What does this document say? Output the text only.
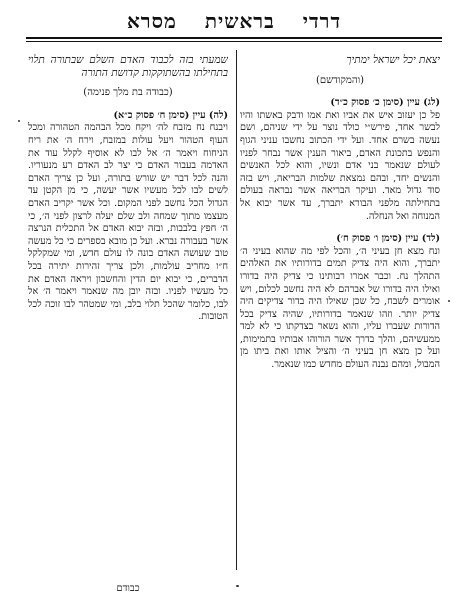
דרדי
בראשית
מסרא
יצאת יכל ישראל ימתיך
(והמקודשם)
(לג) עיין (סימן כ׳ פסוק כ״ד)

פל כן יעזוב איש את אביו ואת אמו ודבק באשתו והיו לבשר אחד, פירש״י כולד נוצר על ידי שניהם, ושם נעשה בשרם אחד. ועל ידי הכתוב נחשבו עניני הגוף והנפש בתכונת האדם, ביאור הענין אשר נבחר לפניו לעולם שנאמר בני אדם ונשיו, והוא לכל האנשים והנשים יחד, ובהם נמצאת שלמות הבריאה, ויש בזה סוד גדול מאד. ועיקר הבריאה אשר נבראה בעולם בתחילתה מלפני הבורא יתברך, עד אשר יבוא אל המנוחה ואל הנחלה.

(לד) עיין (סימן ו׳ פסוק ח׳)

ונח מצא חן בעיני ה׳, והכל לפי מה שהוא בעיני ה׳ יתברך, והוא היה צדיק תמים בדורותיו את האלהים התהלך נח. וכבר אמרו רבותינו כי צדיק היה בדורו ואילו היה בדורו של אברהם לא היה נחשב לכלום, ויש אומרים לשבח, כל שכן שאילו היה בדור צדיקים היה צדיק יותר. וזהו שנאמר בדורותיו, שהיה צדיק בכל הדורות שעברו עליו, והוא נשאר בצדקתו כי לא למד ממעשיהם, והלך בדרך אשר הורוהו אבותיו בתמימות, ועל כן מצא חן בעיני ה׳ והציל אותו ואת ביתו מן המבול, ומהם נבנה העולם מחדש כמו שנאמר.

שמעתי בזה לכבוד האדם השלם שבתורה תלוי בתחילתו בהשתוקקות קדושת התורה
(כבודה בת מלך פנימה)
(לה) עיין (סימן ח׳ פסוק כ״א)

ויבנח נח מזבח לה׳ ויקח מכל הבהמה הטהורה ומכל העוף הטהור ויעל עולות במזבח, וירח ה׳ את ריח הניחוח ויאמר ה׳ אל לבו לא אוסיף לקלל עוד את האדמה בעבור האדם כי יצר לב האדם רע מנעוריו. והנה לכל דבר יש שורש בתורה, ועל כן צריך האדם לשים לבו לכל מעשיו אשר יעשה, כי מן הקטן עד הגדול הכל נחשב לפני המקום. וכל אשר יקריב האדם מעצמו מתוך שמחה ולב שלם יעלה לרצון לפני ה׳, כי ה׳ חפץ בלבבות, ובזה יבוא האדם אל התכלית הנרצה אשר בעבורה נברא. ועל כן מובא בספרים כי כל מעשה טוב שעושה האדם בונה לו עולם חדש, ומי שמקלקל ח״ו מחריב עולמות, ולכן צריך זהירות יתירה בכל הדברים, כי יבוא יום הדין והחשבון ויראה האדם את כל מעשיו לפניו. ובזה יובן מה שנאמר ויאמר ה׳ אל לבו, כלומר שהכל תלוי בלב, ומי שמטהר לבו זוכה לכל הטובות.

כבודם
